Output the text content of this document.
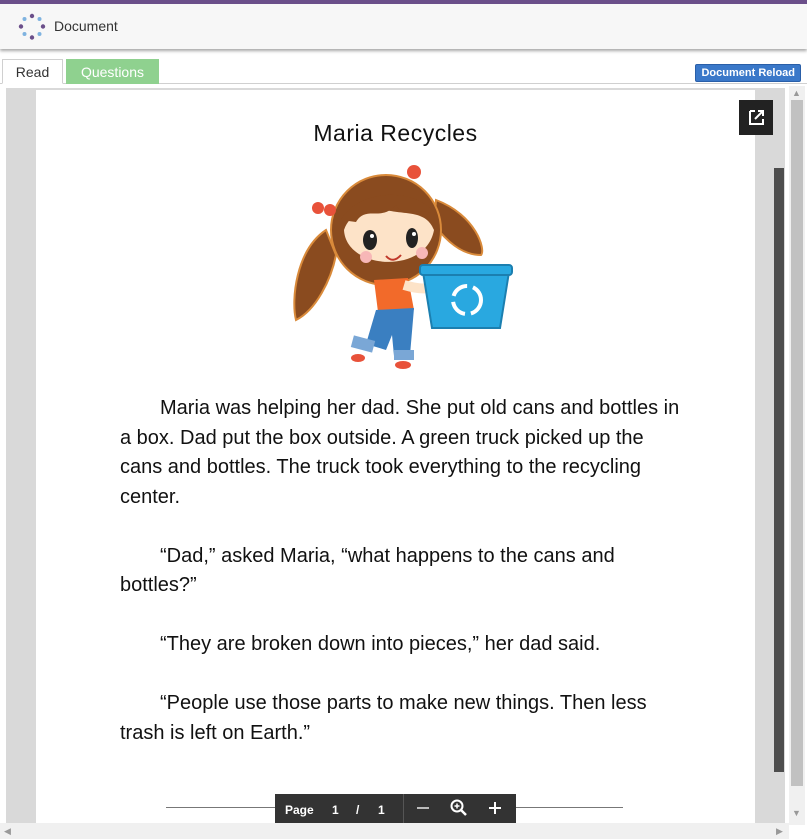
Document
Read	Questions	Document Reload
Maria Recycles

Maria was helping her dad. She put old cans and bottles in a box. Dad put the box outside. A green truck picked up the cans and bottles. The truck took everything to the recycling center.

“Dad,” asked Maria, “what happens to the cans and bottles?”

“They are broken down into pieces,” her dad said.

“People use those parts to make new things. Then less trash is left on Earth.”

Page 1 / 1
▲
▼
◀	▶
